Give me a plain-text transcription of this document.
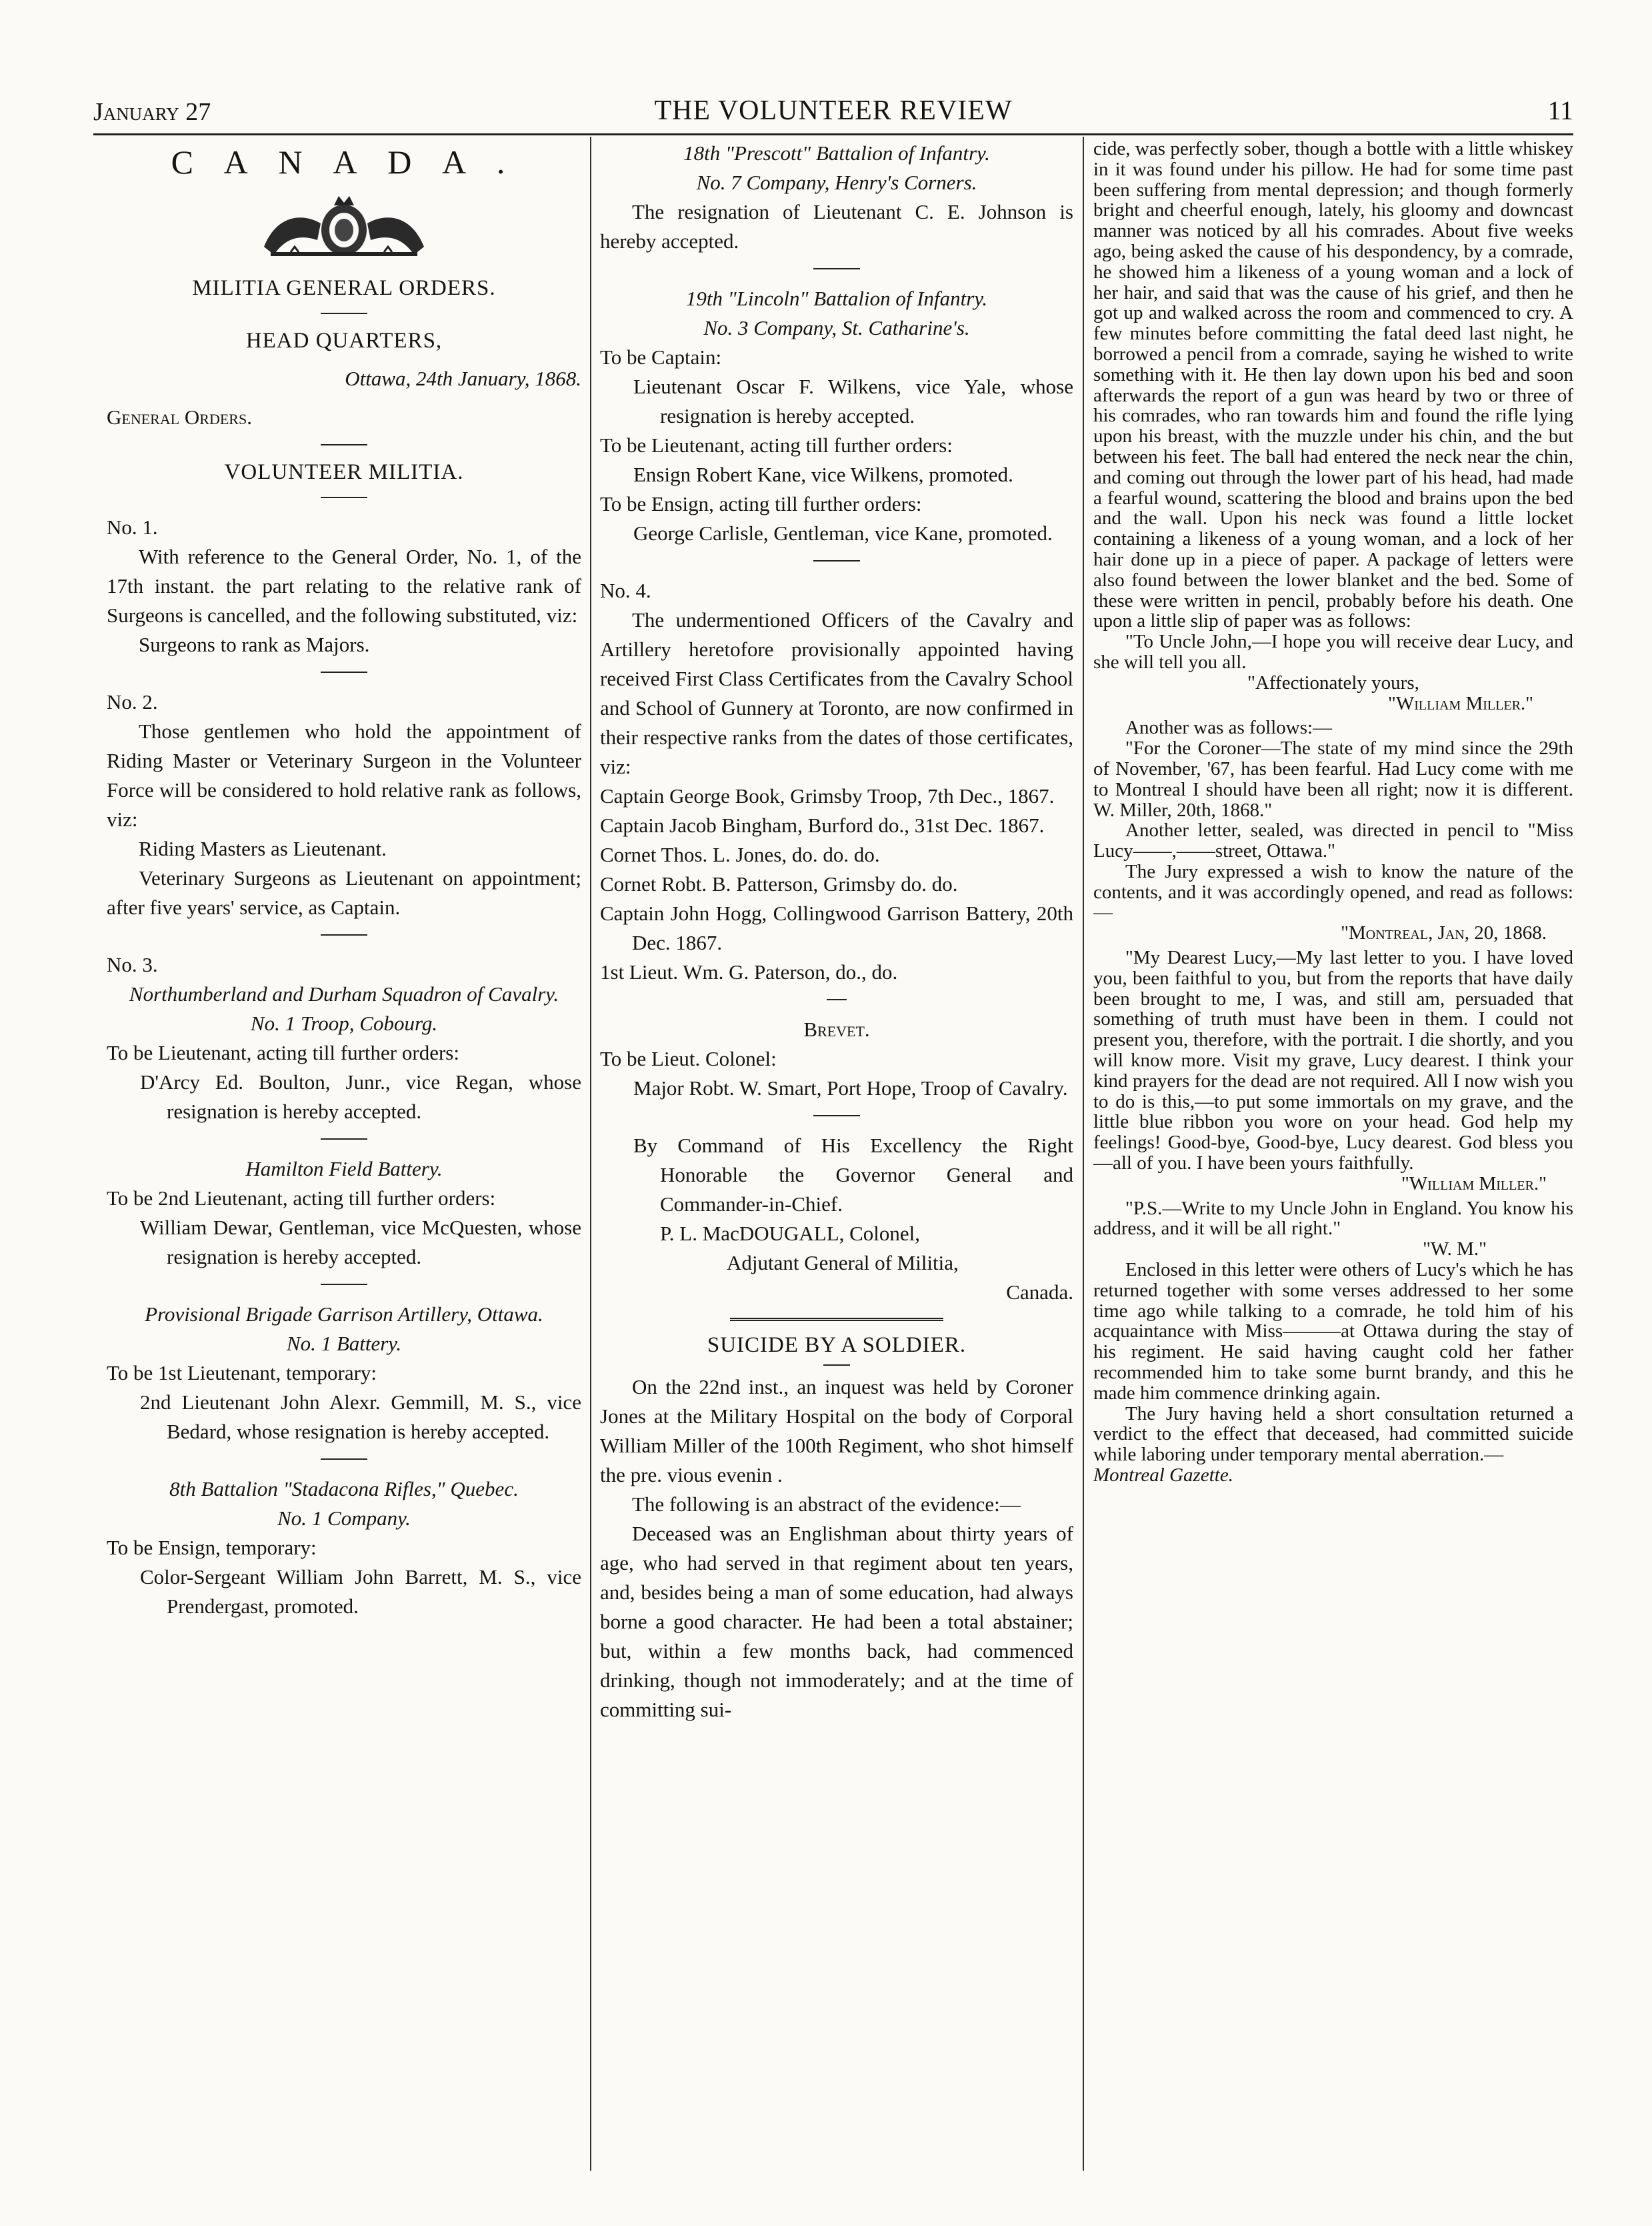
January 27	THE VOLUNTEER REVIEW	11
C A N A D A .
MILITIA GENERAL ORDERS.
HEAD QUARTERS,

Ottawa, 24th January, 1868.

General Orders.

VOLUNTEER MILITIA.

No. 1.

With reference to the General Order, No. 1, of the 17th instant. the part relating to the relative rank of Surgeons is cancelled, and the following substituted, viz:

Surgeons to rank as Majors.

No. 2.

Those gentlemen who hold the appointment of Riding Master or Veterinary Surgeon in the Volunteer Force will be considered to hold relative rank as follows, viz:

Riding Masters as Lieutenant.

Veterinary Surgeons as Lieutenant on appointment; after five years' service, as Captain.

No. 3.

Northumberland and Durham Squadron of Cavalry.

No. 1 Troop, Cobourg.

To be Lieutenant, acting till further orders:

D'Arcy Ed. Boulton, Junr., vice Regan, whose resignation is hereby accepted.

Hamilton Field Battery.

To be 2nd Lieutenant, acting till further orders:

William Dewar, Gentleman, vice McQuesten, whose resignation is hereby accepted.

Provisional Brigade Garrison Artillery, Ottawa.

No. 1 Battery.

To be 1st Lieutenant, temporary:

2nd Lieutenant John Alexr. Gemmill, M. S., vice Bedard, whose resignation is hereby accepted.

8th Battalion "Stadacona Rifles," Quebec.

No. 1 Company.

To be Ensign, temporary:

Color-Sergeant William John Barrett, M. S., vice Prendergast, promoted.

18th "Prescott" Battalion of Infantry.

No. 7 Company, Henry's Corners.

The resignation of Lieutenant C. E. Johnson is hereby accepted.

19th "Lincoln" Battalion of Infantry.

No. 3 Company, St. Catharine's.

To be Captain:

Lieutenant Oscar F. Wilkens, vice Yale, whose resignation is hereby accepted.

To be Lieutenant, acting till further orders:

Ensign Robert Kane, vice Wilkens, promoted.

To be Ensign, acting till further orders:

George Carlisle, Gentleman, vice Kane, promoted.

No. 4.

The undermentioned Officers of the Cavalry and Artillery heretofore provisionally appointed having received First Class Certificates from the Cavalry School and School of Gunnery at Toronto, are now confirmed in their respective ranks from the dates of those certificates, viz:

Captain George Book, Grimsby Troop, 7th Dec., 1867.

Captain Jacob Bingham, Burford do., 31st Dec. 1867.

Cornet Thos. L. Jones, do. do. do.

Cornet Robt. B. Patterson, Grimsby do. do.

Captain John Hogg, Collingwood Garrison Battery, 20th Dec. 1867.

1st Lieut. Wm. G. Paterson, do., do.

Brevet.

To be Lieut. Colonel:

Major Robt. W. Smart, Port Hope, Troop of Cavalry.

By Command of His Excellency the Right Honorable the Governor General and Commander-in-Chief.

P. L. MacDOUGALL, Colonel,

Adjutant General of Militia,

Canada.

SUICIDE BY A SOLDIER.

On the 22nd inst., an inquest was held by Coroner Jones at the Military Hospital on the body of Corporal William Miller of the 100th Regiment, who shot himself the pre. vious evenin .

The following is an abstract of the evidence:—

Deceased was an Englishman about thirty years of age, who had served in that regiment about ten years, and, besides being a man of some education, had always borne a good character. He had been a total abstainer; but, within a few months back, had commenced drinking, though not immoderately; and at the time of committing sui-

cide, was perfectly sober, though a bottle with a little whiskey in it was found under his pillow. He had for some time past been suffering from mental depression; and though formerly bright and cheerful enough, lately, his gloomy and downcast manner was noticed by all his comrades. About five weeks ago, being asked the cause of his despondency, by a comrade, he showed him a likeness of a young woman and a lock of her hair, and said that was the cause of his grief, and then he got up and walked across the room and commenced to cry. A few minutes before committing the fatal deed last night, he borrowed a pencil from a comrade, saying he wished to write something with it. He then lay down upon his bed and soon afterwards the report of a gun was heard by two or three of his comrades, who ran towards him and found the rifle lying upon his breast, with the muzzle under his chin, and the but between his feet. The ball had entered the neck near the chin, and coming out through the lower part of his head, had made a fearful wound, scattering the blood and brains upon the bed and the wall. Upon his neck was found a little locket containing a likeness of a young woman, and a lock of her hair done up in a piece of paper. A package of letters were also found between the lower blanket and the bed. Some of these were written in pencil, probably before his death. One upon a little slip of paper was as follows:

"To Uncle John,—I hope you will receive dear Lucy, and she will tell you all.

"Affectionately yours,

"William Miller."

Another was as follows:—

"For the Coroner—The state of my mind since the 29th of November, '67, has been fearful. Had Lucy come with me to Montreal I should have been all right; now it is different. W. Miller, 20th, 1868."

Another letter, sealed, was directed in pencil to "Miss Lucy——,——street, Ottawa."

The Jury expressed a wish to know the nature of the contents, and it was accordingly opened, and read as follows:—

"Montreal, Jan, 20, 1868.

"My Dearest Lucy,—My last letter to you. I have loved you, been faithful to you, but from the reports that have daily been brought to me, I was, and still am, persuaded that something of truth must have been in them. I could not present you, therefore, with the portrait. I die shortly, and you will know more. Visit my grave, Lucy dearest. I think your kind prayers for the dead are not required. All I now wish you to do is this,—to put some immortals on my grave, and the little blue ribbon you wore on your head. God help my feelings! Good-bye, Good-bye, Lucy dearest. God bless you—all of you. I have been yours faithfully.

"William Miller."

"P.S.—Write to my Uncle John in England. You know his address, and it will be all right."

"W. M."

Enclosed in this letter were others of Lucy's which he has returned together with some verses addressed to her some time ago while talking to a comrade, he told him of his acquaintance with Miss———at Ottawa during the stay of his regiment. He said having caught cold her father recommended him to take some burnt brandy, and this he made him commence drinking again.

The Jury having held a short consultation returned a verdict to the effect that deceased, had committed suicide while laboring under temporary mental aberration.—

Montreal Gazette.
